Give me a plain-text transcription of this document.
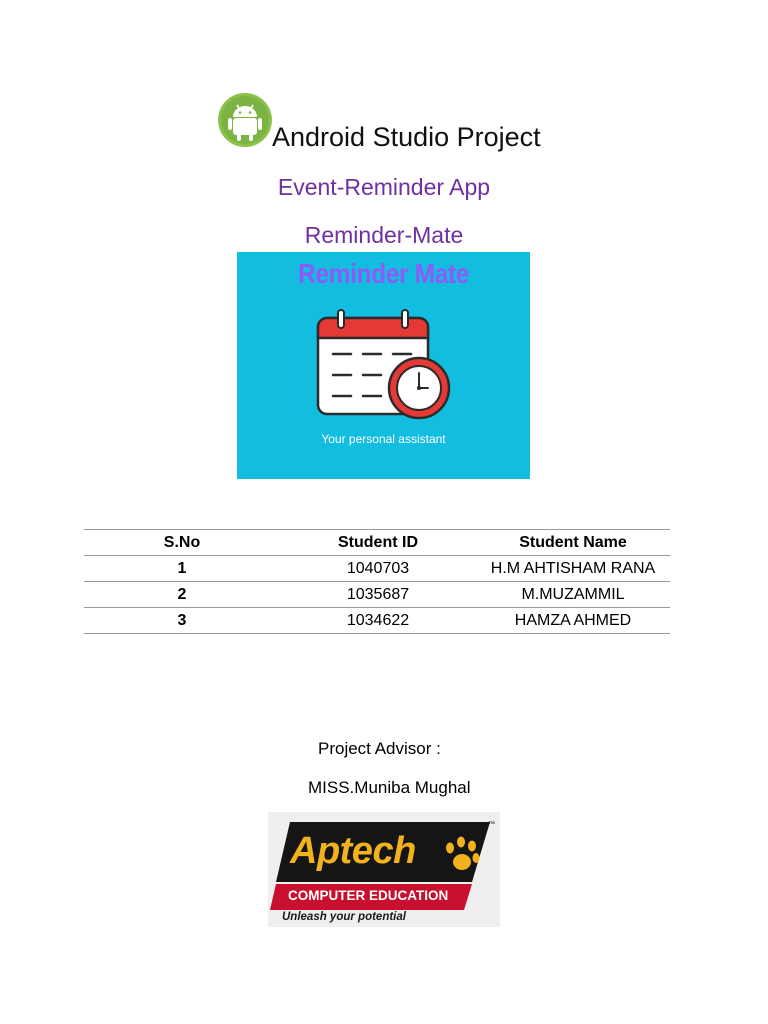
Android Studio Project
Event-Reminder App
Reminder-Mate
Reminder Mate
Your personal assistant
S.No	Student ID	Student Name
1	1040703	H.M AHTISHAM RANA
2	1035687	M.MUZAMMIL
3	1034622	HAMZA AHMED
Project Advisor :
MISS.Muniba Mughal
Aptech
™
COMPUTER EDUCATION
Unleash your potential
